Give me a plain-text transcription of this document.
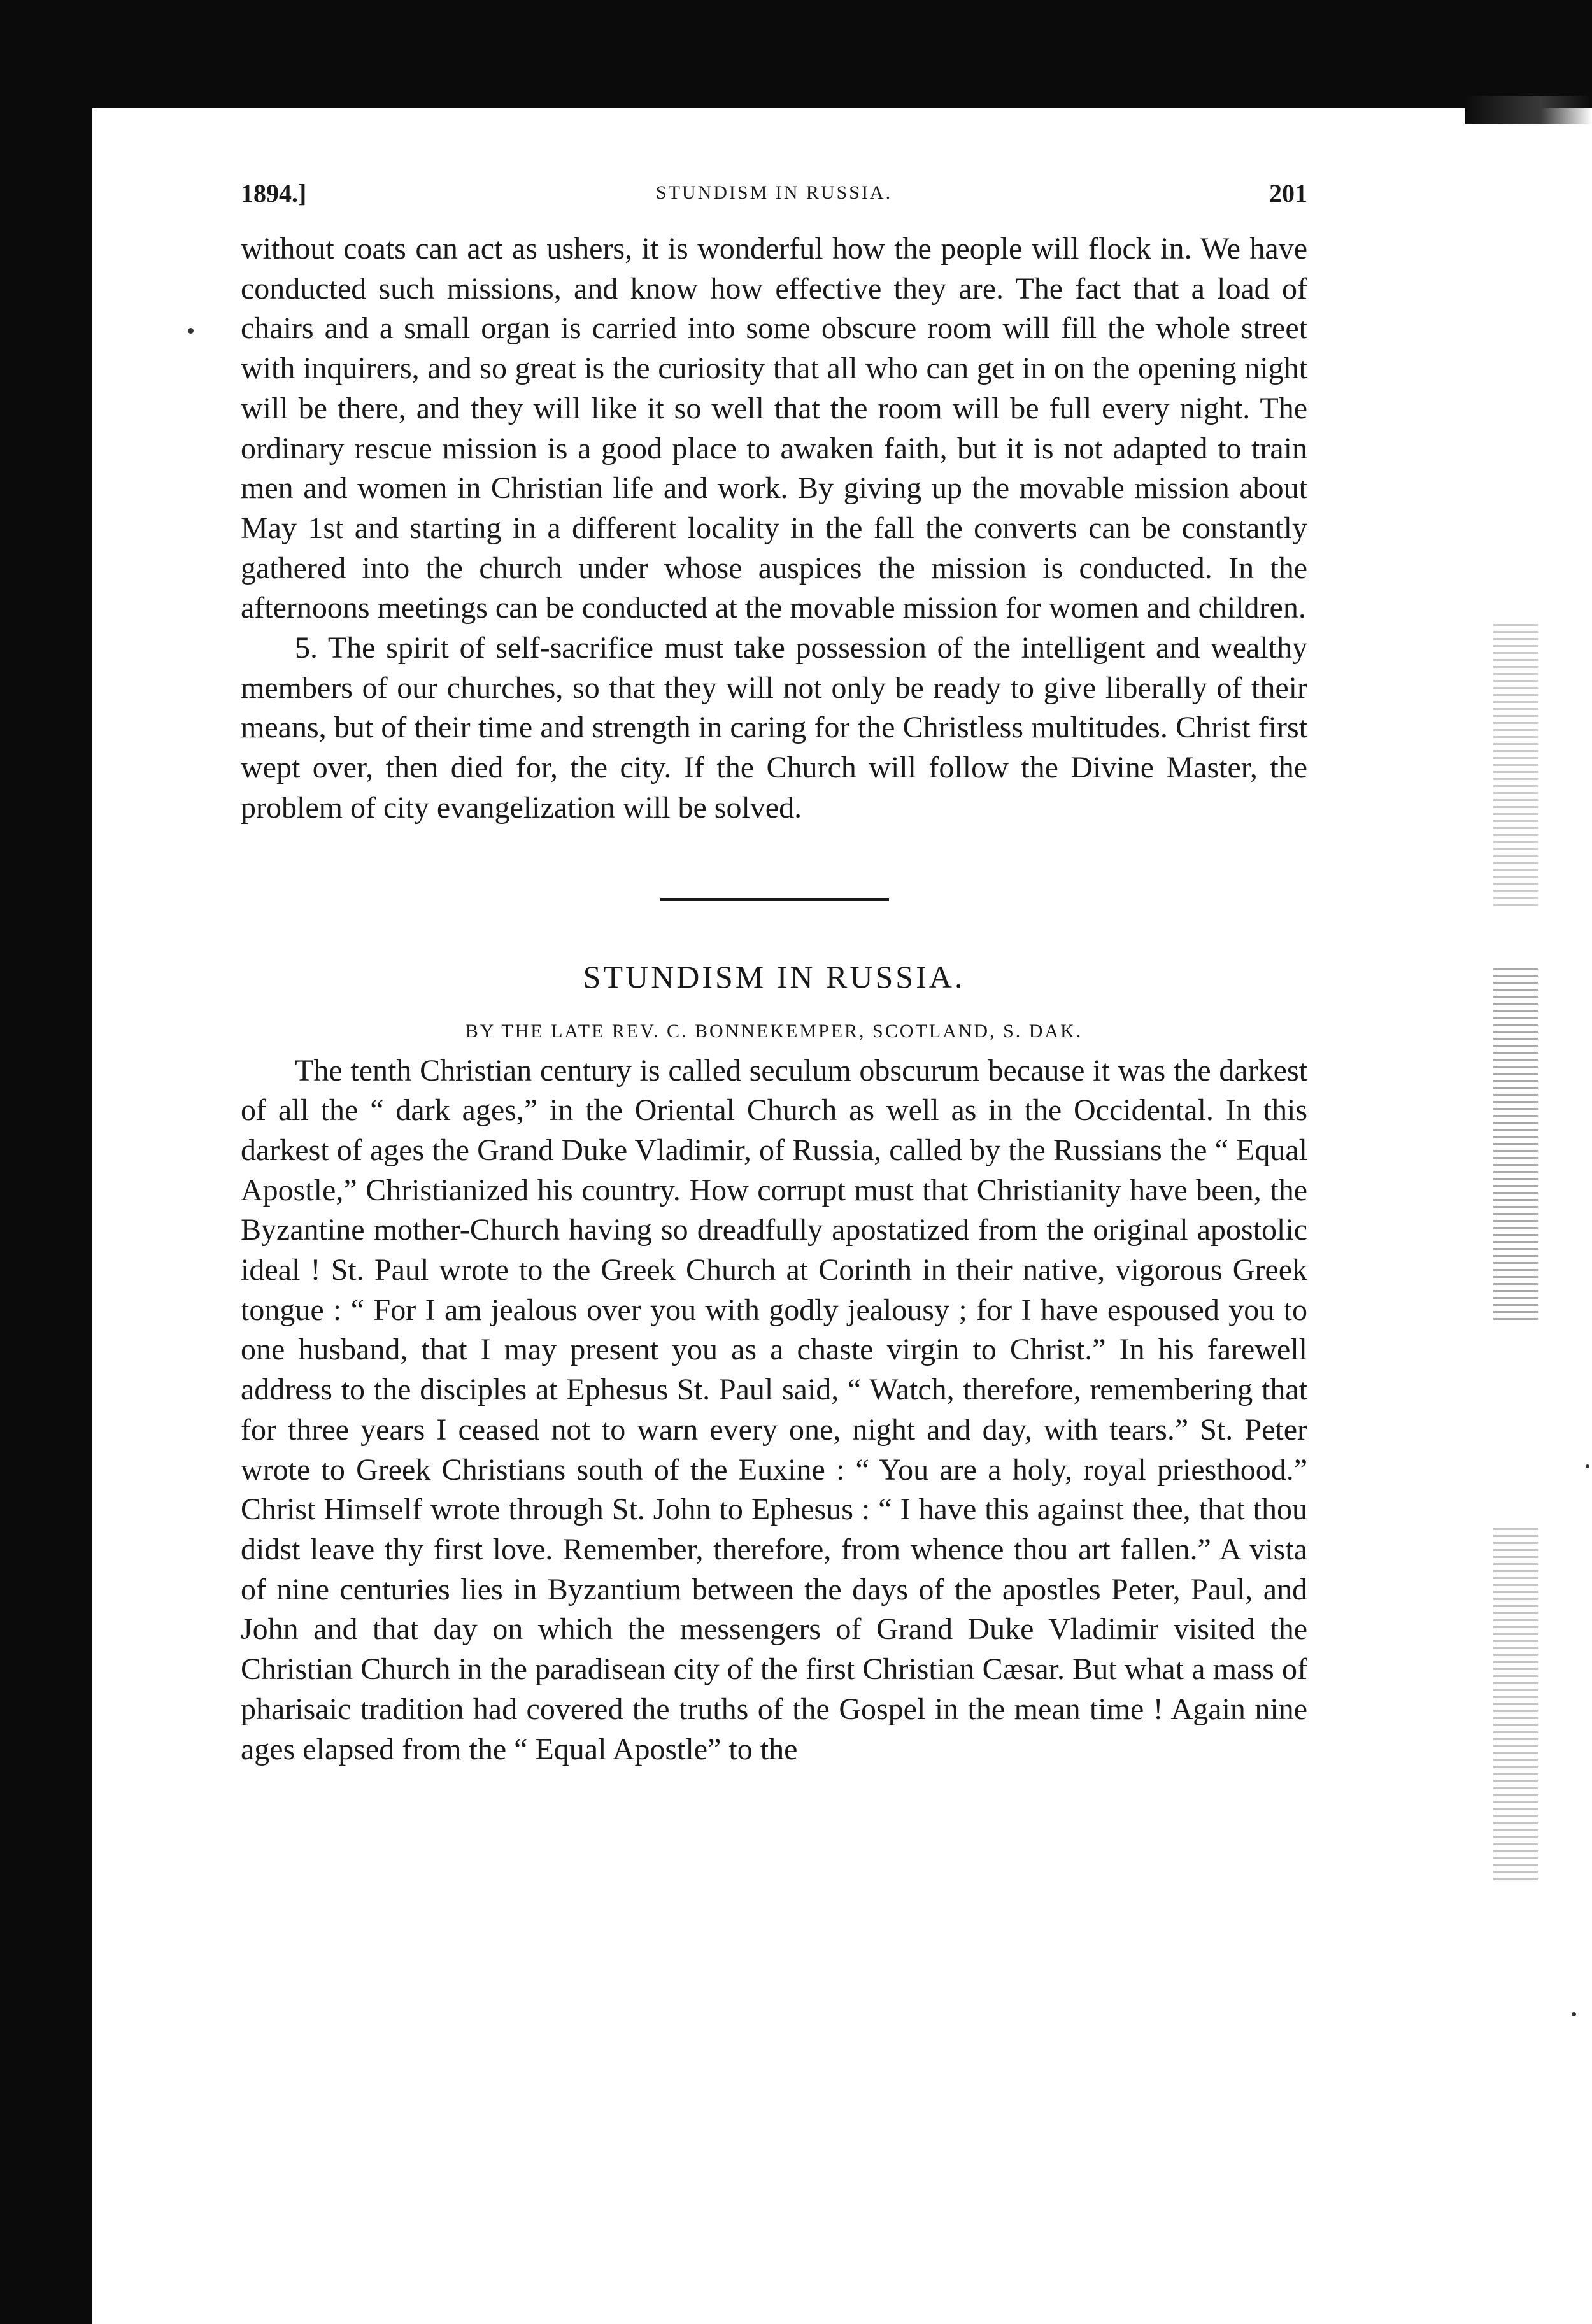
1894.]	STUNDISM IN RUSSIA.	201

without coats can act as ushers, it is wonderful how the people will flock in. We have conducted such missions, and know how effective they are. The fact that a load of chairs and a small organ is carried into some obscure room will fill the whole street with inquirers, and so great is the curiosity that all who can get in on the opening night will be there, and they will like it so well that the room will be full every night. The ordinary rescue mission is a good place to awaken faith, but it is not adapted to train men and women in Christian life and work. By giving up the movable mission about May 1st and starting in a different locality in the fall the converts can be constantly gathered into the church under whose auspices the mission is conducted. In the afternoons meetings can be conducted at the movable mission for women and children.

5. The spirit of self-sacrifice must take possession of the intelligent and wealthy members of our churches, so that they will not only be ready to give liberally of their means, but of their time and strength in caring for the Christless multitudes. Christ first wept over, then died for, the city. If the Church will follow the Divine Master, the problem of city evangelization will be solved.

STUNDISM IN RUSSIA.
BY THE LATE REV. C. BONNEKEMPER, SCOTLAND, S. DAK.

The tenth Christian century is called seculum obscurum because it was the darkest of all the “ dark ages,” in the Oriental Church as well as in the Occidental. In this darkest of ages the Grand Duke Vladimir, of Russia, called by the Russians the “ Equal Apostle,” Christianized his country. How corrupt must that Christianity have been, the Byzantine mother-Church having so dreadfully apostatized from the original apostolic ideal ! St. Paul wrote to the Greek Church at Corinth in their native, vigorous Greek tongue : “ For I am jealous over you with godly jealousy ; for I have espoused you to one husband, that I may present you as a chaste virgin to Christ.” In his farewell address to the disciples at Ephesus St. Paul said, “ Watch, therefore, remembering that for three years I ceased not to warn every one, night and day, with tears.” St. Peter wrote to Greek Christians south of the Euxine : “ You are a holy, royal priesthood.” Christ Himself wrote through St. John to Ephesus : “ I have this against thee, that thou didst leave thy first love. Remember, therefore, from whence thou art fallen.” A vista of nine centuries lies in Byzantium between the days of the apostles Peter, Paul, and John and that day on which the messengers of Grand Duke Vladimir visited the Christian Church in the paradisean city of the first Christian Cæsar. But what a mass of pharisaic tradition had covered the truths of the Gospel in the mean time ! Again nine ages elapsed from the “ Equal Apostle” to the
